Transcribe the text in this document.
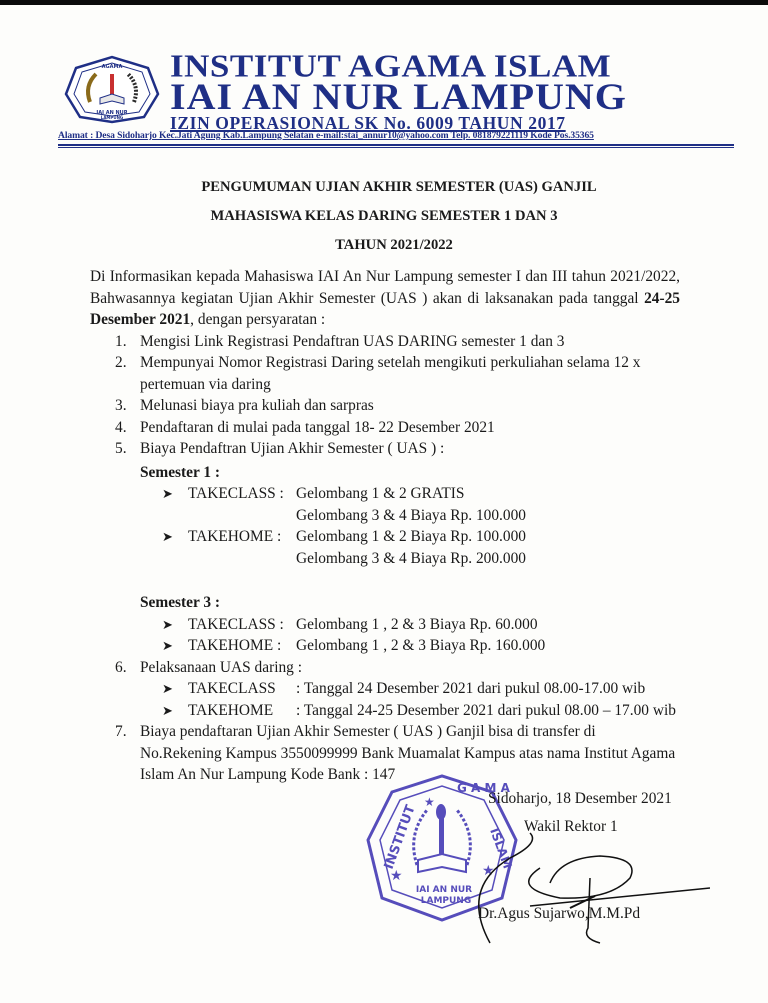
IAI AN NUR
LAMPUNG
AGAMA INSTITUT AGAMA ISLAM
IAI AN NUR LAMPUNG
IZIN OPERASIONAL SK No. 6009 TAHUN 2017
Alamat : Desa Sidoharjo Kec.Jati Agung Kab.Lampung Selatan e-mail:stai_annur10@yahoo.com Telp. 081879221119 Kode Pos.35365
PENGUMUMAN UJIAN AKHIR SEMESTER (UAS) GANJIL
MAHASISWA KELAS DARING SEMESTER 1 DAN 3
TAHUN 2021/2022

Di Informasikan kepada Mahasiswa IAI An Nur Lampung semester I dan III tahun 2021/2022, Bahwasannya kegiatan Ujian Akhir Semester (UAS ) akan di laksanakan pada tanggal 24-25 Desember 2021, dengan persyaratan :

1. Mengisi Link Registrasi Pendaftran UAS DARING semester 1 dan 3
2. Mempunyai Nomor Registrasi Daring setelah mengikuti perkuliahan selama 12 x pertemuan via daring
3. Melunasi biaya pra kuliah dan sarpras
4. Pendaftaran di mulai pada tanggal 18- 22 Desember 2021
5. Biaya Pendaftran Ujian Akhir Semester ( UAS ) :
Semester 1 :
➤ TAKECLASS : Gelombang 1 & 2 GRATIS
Gelombang 3 & 4 Biaya Rp. 100.000
➤ TAKEHOME : Gelombang 1 & 2 Biaya Rp. 100.000
Gelombang 3 & 4 Biaya Rp. 200.000
Semester 3 :
➤ TAKECLASS : Gelombang 1 , 2 & 3 Biaya Rp. 60.000
➤ TAKEHOME : Gelombang 1 , 2 & 3 Biaya Rp. 160.000
6. Pelaksanaan UAS daring :
➤ TAKECLASS : Tanggal 24 Desember 2021 dari pukul 08.00-17.00 wib
➤ TAKEHOME : Tanggal 24-25 Desember 2021 dari pukul 08.00 – 17.00 wib
7. Biaya pendaftaran Ujian Akhir Semester ( UAS ) Ganjil bisa di transfer di No.Rekening Kampus 3550099999 Bank Muamalat Kampus atas nama Institut Agama Islam An Nur Lampung Kode Bank : 147
INSTITUT
G A M A
ISLAM
★	★
★
IAI AN NUR
LAMPUNG
Sidoharjo, 18 Desember 2021
Wakil Rektor 1
Dr.Agus Sujarwo,M.M.Pd
